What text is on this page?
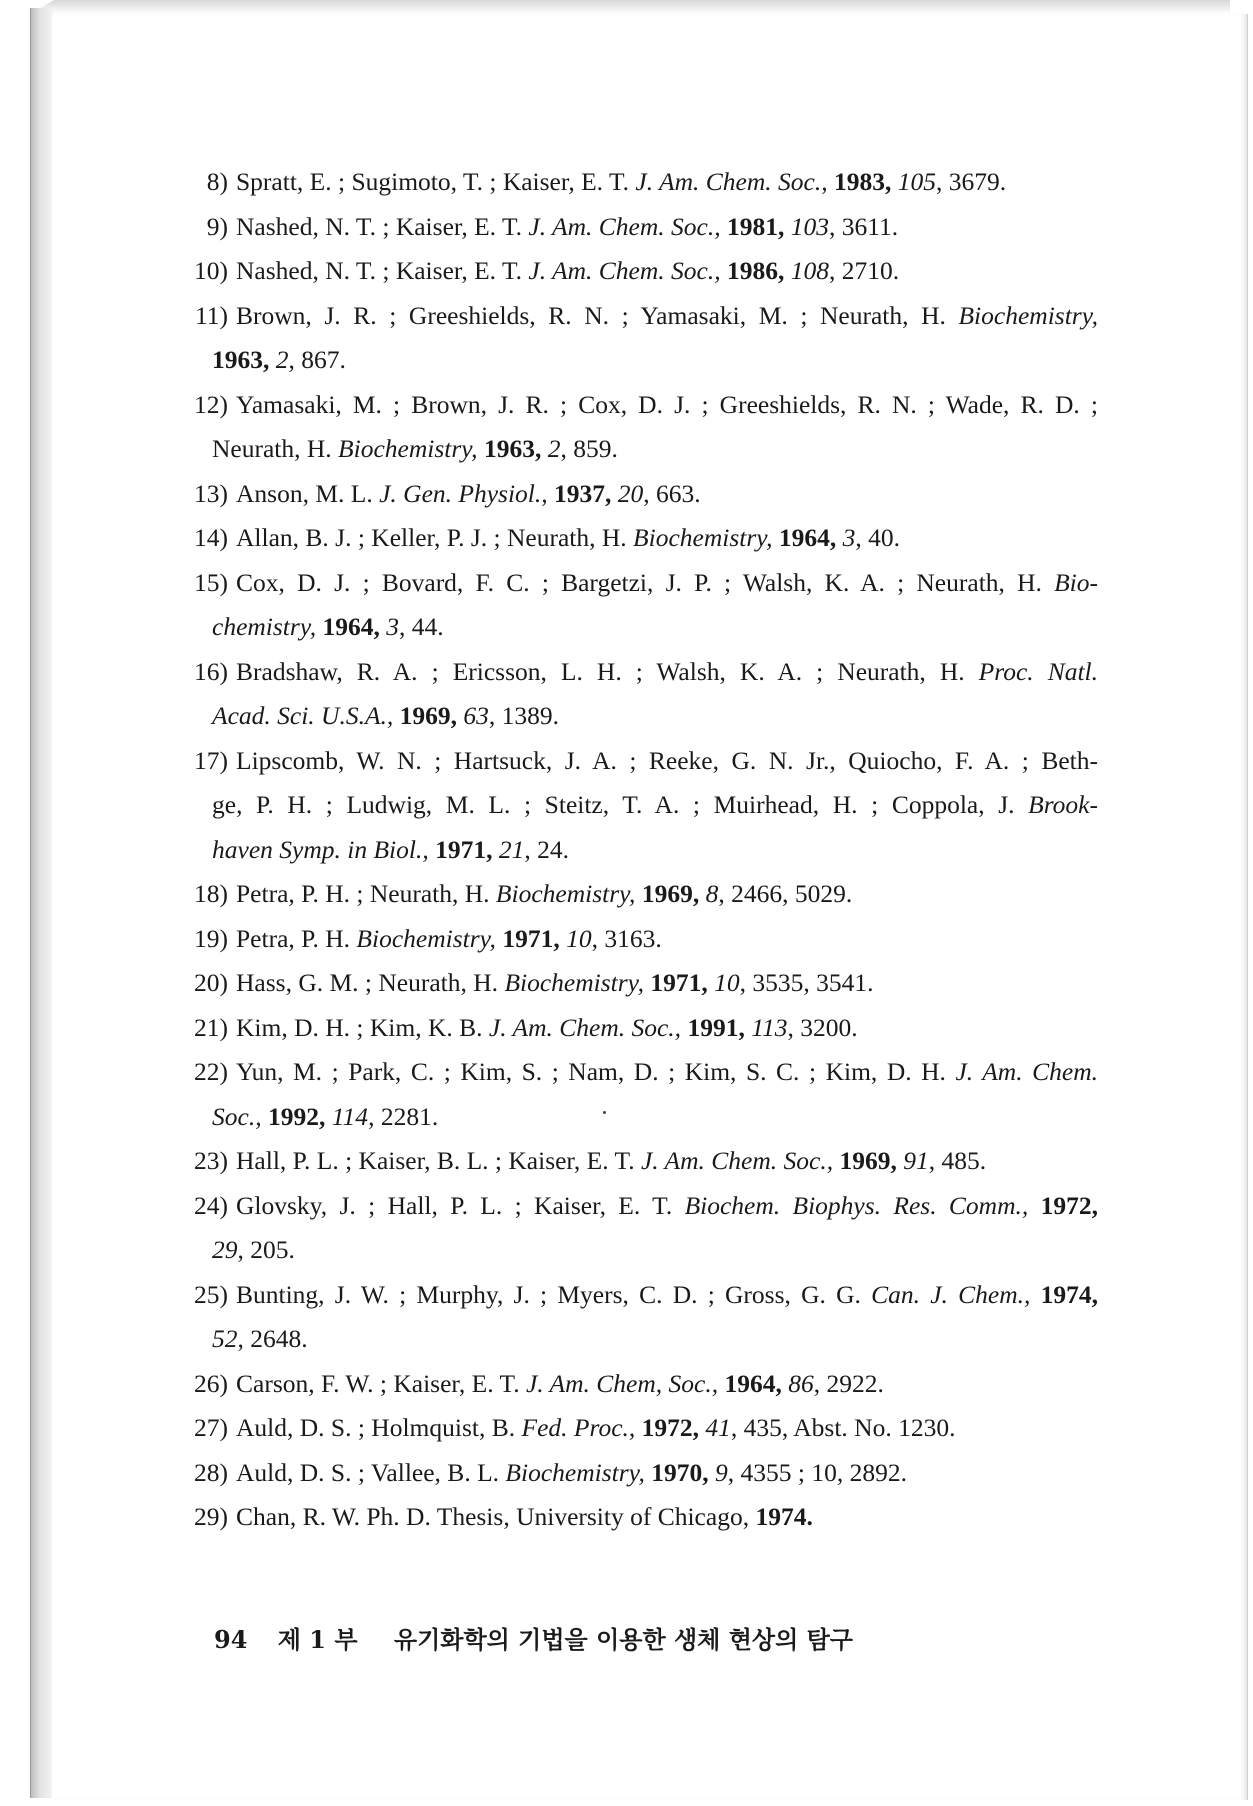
8) Spratt, E. ; Sugimoto, T. ; Kaiser, E. T. J. Am. Chem. Soc., 1983, 105, 3679.
9) Nashed, N. T. ; Kaiser, E. T. J. Am. Chem. Soc., 1981, 103, 3611.
10) Nashed, N. T. ; Kaiser, E. T. J. Am. Chem. Soc., 1986, 108, 2710.
11) Brown, J. R. ; Greeshields, R. N. ; Yamasaki, M. ; Neurath, H. Biochemistry,
1963, 2, 867.
12) Yamasaki, M. ; Brown, J. R. ; Cox, D. J. ; Greeshields, R. N. ; Wade, R. D. ;
Neurath, H. Biochemistry, 1963, 2, 859.
13) Anson, M. L. J. Gen. Physiol., 1937, 20, 663.
14) Allan, B. J. ; Keller, P. J. ; Neurath, H. Biochemistry, 1964, 3, 40.
15) Cox, D. J. ; Bovard, F. C. ; Bargetzi, J. P. ; Walsh, K. A. ; Neurath, H. Bio-
chemistry, 1964, 3, 44.
16) Bradshaw, R. A. ; Ericsson, L. H. ; Walsh, K. A. ; Neurath, H. Proc. Natl.
Acad. Sci. U.S.A., 1969, 63, 1389.
17) Lipscomb, W. N. ; Hartsuck, J. A. ; Reeke, G. N. Jr., Quiocho, F. A. ; Beth-
ge, P. H. ; Ludwig, M. L. ; Steitz, T. A. ; Muirhead, H. ; Coppola, J. Brook-
haven Symp. in Biol., 1971, 21, 24.
18) Petra, P. H. ; Neurath, H. Biochemistry, 1969, 8, 2466, 5029.
19) Petra, P. H. Biochemistry, 1971, 10, 3163.
20) Hass, G. M. ; Neurath, H. Biochemistry, 1971, 10, 3535, 3541.
21) Kim, D. H. ; Kim, K. B. J. Am. Chem. Soc., 1991, 113, 3200.
22) Yun, M. ; Park, C. ; Kim, S. ; Nam, D. ; Kim, S. C. ; Kim, D. H. J. Am. Chem.
Soc., 1992, 114, 2281.
23) Hall, P. L. ; Kaiser, B. L. ; Kaiser, E. T. J. Am. Chem. Soc., 1969, 91, 485.
24) Glovsky, J. ; Hall, P. L. ; Kaiser, E. T. Biochem. Biophys. Res. Comm., 1972,
29, 205.
25) Bunting, J. W. ; Murphy, J. ; Myers, C. D. ; Gross, G. G. Can. J. Chem., 1974,
52, 2648.
26) Carson, F. W. ; Kaiser, E. T. J. Am. Chem, Soc., 1964, 86, 2922.
27) Auld, D. S. ; Holmquist, B. Fed. Proc., 1972, 41, 435, Abst. No. 1230.
28) Auld, D. S. ; Vallee, B. L. Biochemistry, 1970, 9, 4355 ; 10, 2892.
29) Chan, R. W. Ph. D. Thesis, University of Chicago, 1974.
94 제 1 부 유기화학의 기법을 이용한 생체 현상의 탐구
